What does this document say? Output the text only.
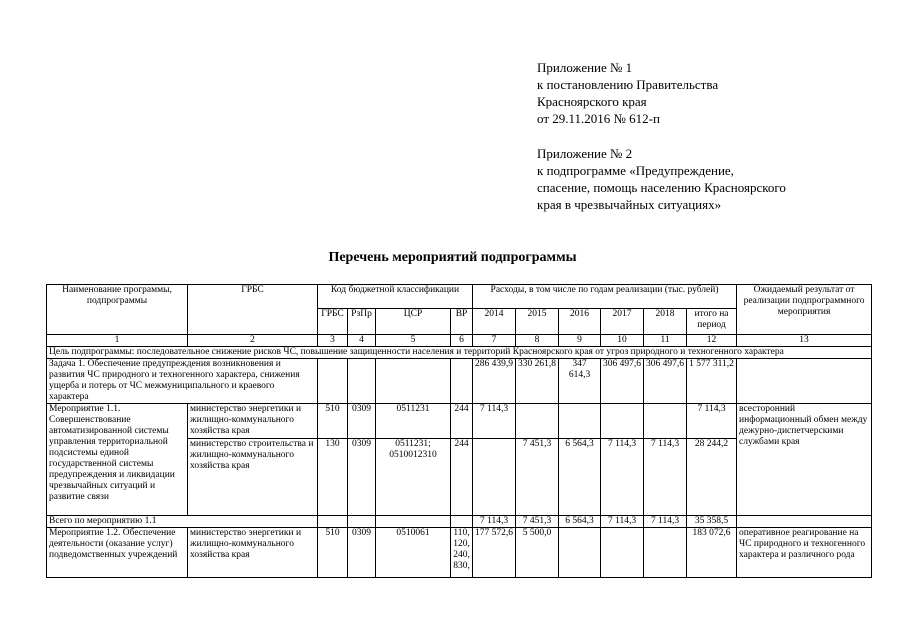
Приложение № 1
к постановлению Правительства
Красноярского края
от 29.11.2016 № 612-п
Приложение № 2
к подпрограмме «Предупреждение,
спасение, помощь населению Красноярского
края в чрезвычайных ситуациях»
Перечень мероприятий подпрограммы
Наименование программы, подпрограммы	ГРБС	Код бюджетной классификации				Расходы, в том числе по годам реализации (тыс. рублей)						Ожидаемый результат от реализации подпрограммного мероприятия
		ГРБС	РзПр	ЦСР	ВР	2014	2015	2016	2017	2018	итого на период	
1	2	3	4	5	6	7	8	9	10	11	12	13
Цель подпрограммы: последовательное снижение рисков ЧС, повышение защищенности населения и территорий Красноярского края от угроз природного и техногенного характера												
Задача 1. Обеспечение предупреждения возникновения и развития ЧС природного и техногенного характера, снижения ущерба и потерь от ЧС межмуниципального и краевого характера						286 439,9	330 261,8	347 614,3	306 497,6	306 497,6	1 577 311,2	
Мероприятие 1.1. Совершенствование автоматизированной системы управления территориальной подсистемы единой государственной системы предупреждения и ликвидации чрезвычайных ситуаций и развитие связи	министерство энергетики и жилищно-коммунального хозяйства края	510	0309	0511231	244	7 114,3					7 114,3	всесторонний информационный обмен между дежурно-диспетчерскими службами края
	министерство строительства и жилищно-коммунального хозяйства края	130	0309	0511231; 0510012310	244		7 451,3	6 564,3	7 114,3	7 114,3	28 244,2	
Всего по мероприятию 1.1						7 114,3	7 451,3	6 564,3	7 114,3	7 114,3	35 358,5	
Мероприятие 1.2. Обеспечение деятельности (оказание услуг) подведомственных учреждений	министерство энергетики и жилищно-коммунального хозяйства края	510	0309	0510061	110, 120, 240, 830,	177 572,6	5 500,0				183 072,6	оперативное реагирование на ЧС природного и техногенного характера и различного рода
